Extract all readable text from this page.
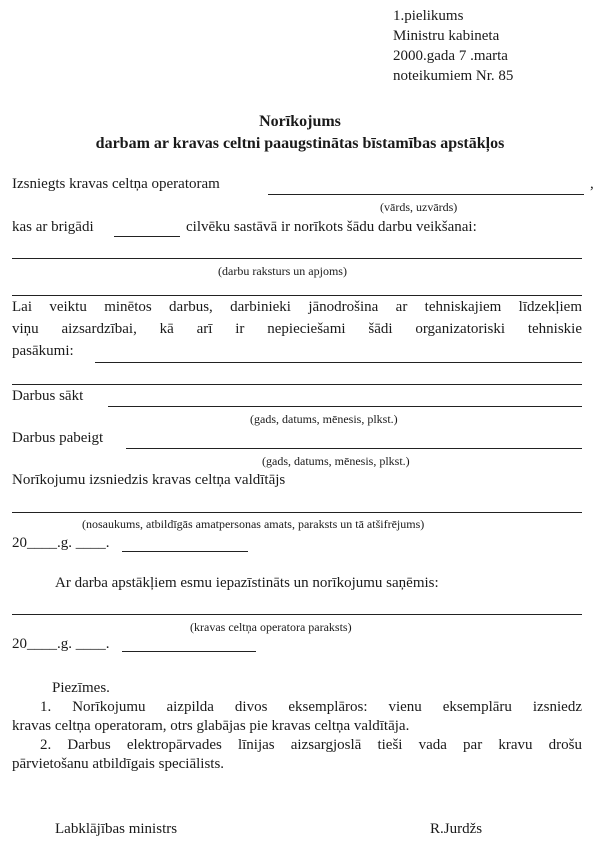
1.pielikums
Ministru kabineta
2000.gada 7 .marta
noteikumiem Nr. 85
Norīkojums
darbam ar kravas celtni paaugstinātas bīstamības apstākļos
Izsniegts kravas celtņa operatoram	,
(vārds, uzvārds)
kas ar brigādi	cilvēku sastāvā ir norīkots šādu darbu veikšanai:
(darbu raksturs un apjoms)
Lai veiktu minētos darbus, darbinieki jānodrošina ar tehniskajiem līdzekļiem
viņu aizsardzībai, kā arī ir nepieciešami šādi organizatoriski tehniskie
pasākumi:
Darbus sākt
(gads, datums, mēnesis, plkst.)
Darbus pabeigt
(gads, datums, mēnesis, plkst.)
Norīkojumu izsniedzis kravas celtņa valdītājs
(nosaukums, atbildīgās amatpersonas amats, paraksts un tā atšifrējums)
20____.g. ____.
Ar darba apstākļiem esmu iepazīstināts un norīkojumu saņēmis:
(kravas celtņa operatora paraksts)
20____.g. ____.
Piezīmes.
1. Norīkojumu aizpilda divos eksemplāros: vienu eksemplāru izsniedz
kravas celtņa operatoram, otrs glabājas pie kravas celtņa valdītāja.
2. Darbus elektropārvades līnijas aizsargjoslā tieši vada par kravu drošu
pārvietošanu atbildīgais speciālists.
Labklājības ministrs	R.Jurdžs
